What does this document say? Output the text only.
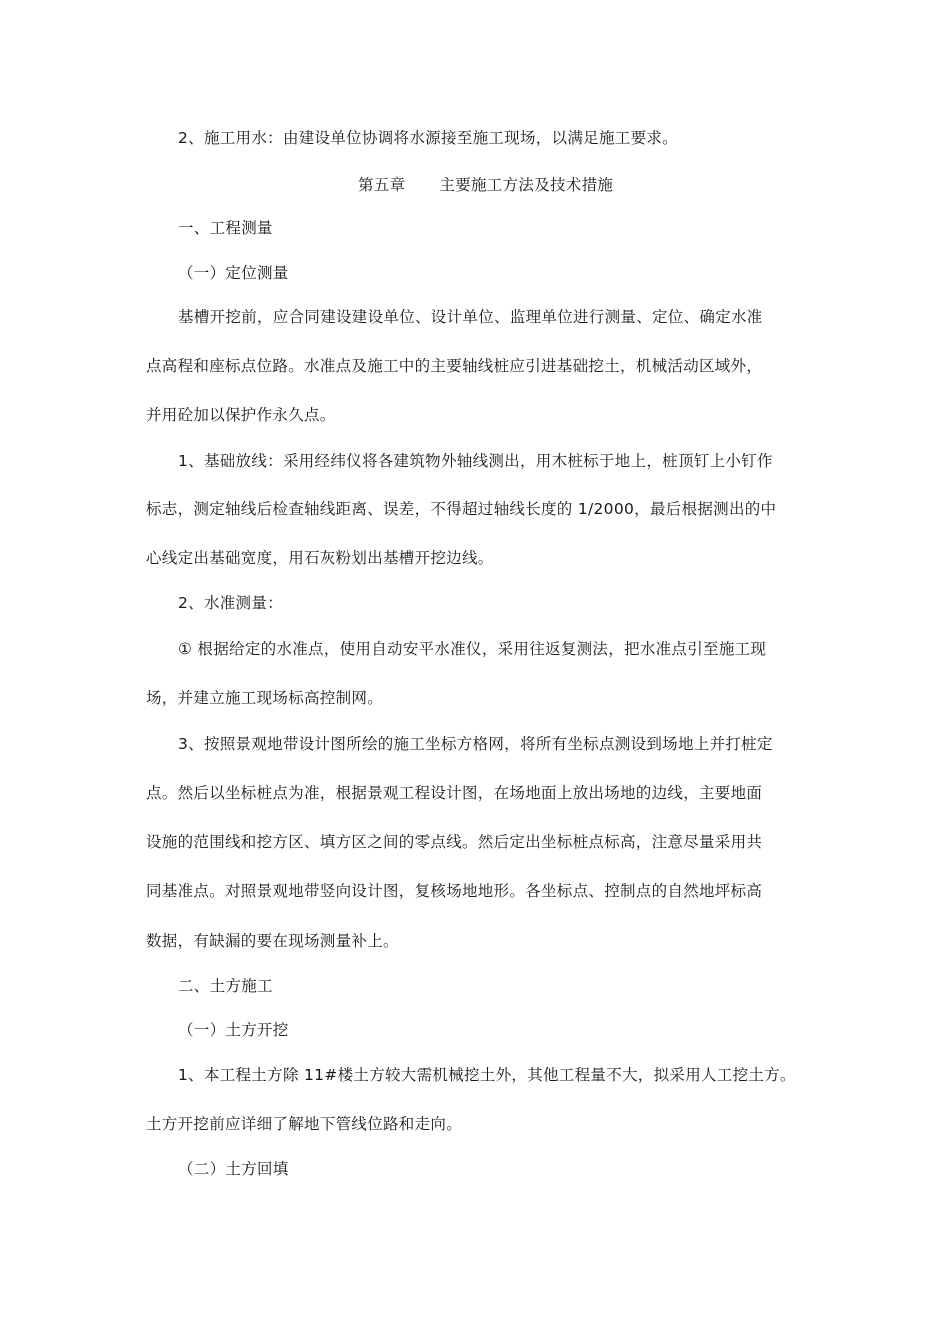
2、施工用水：由建设单位协调将水源接至施工现场，以满足施工要求。
第五章 主要施工方法及技术措施
一、工程测量
（一）定位测量
基槽开挖前，应合同建设建设单位、设计单位、监理单位进行测量、定位、确定水准
点高程和座标点位路。水准点及施工中的主要轴线桩应引进基础挖土，机械活动区域外，
并用砼加以保护作永久点。
1、基础放线：采用经纬仪将各建筑物外轴线测出，用木桩标于地上，桩顶钉上小钉作
标志，测定轴线后检查轴线距离、误差，不得超过轴线长度的 1/2000，最后根据测出的中
心线定出基础宽度，用石灰粉划出基槽开挖边线。
2、水准测量：
① 根据给定的水准点，使用自动安平水准仪，采用往返复测法，把水准点引至施工现
场，并建立施工现场标高控制网。
3、按照景观地带设计图所绘的施工坐标方格网，将所有坐标点测设到场地上并打桩定
点。然后以坐标桩点为准，根据景观工程设计图，在场地面上放出场地的边线，主要地面
设施的范围线和挖方区、填方区之间的零点线。然后定出坐标桩点标高，注意尽量采用共
同基准点。对照景观地带竖向设计图，复核场地地形。各坐标点、控制点的自然地坪标高
数据，有缺漏的要在现场测量补上。
二、土方施工
（一）土方开挖
1、本工程土方除 11#楼土方较大需机械挖土外，其他工程量不大，拟采用人工挖土方。
土方开挖前应详细了解地下管线位路和走向。
（二）土方回填
